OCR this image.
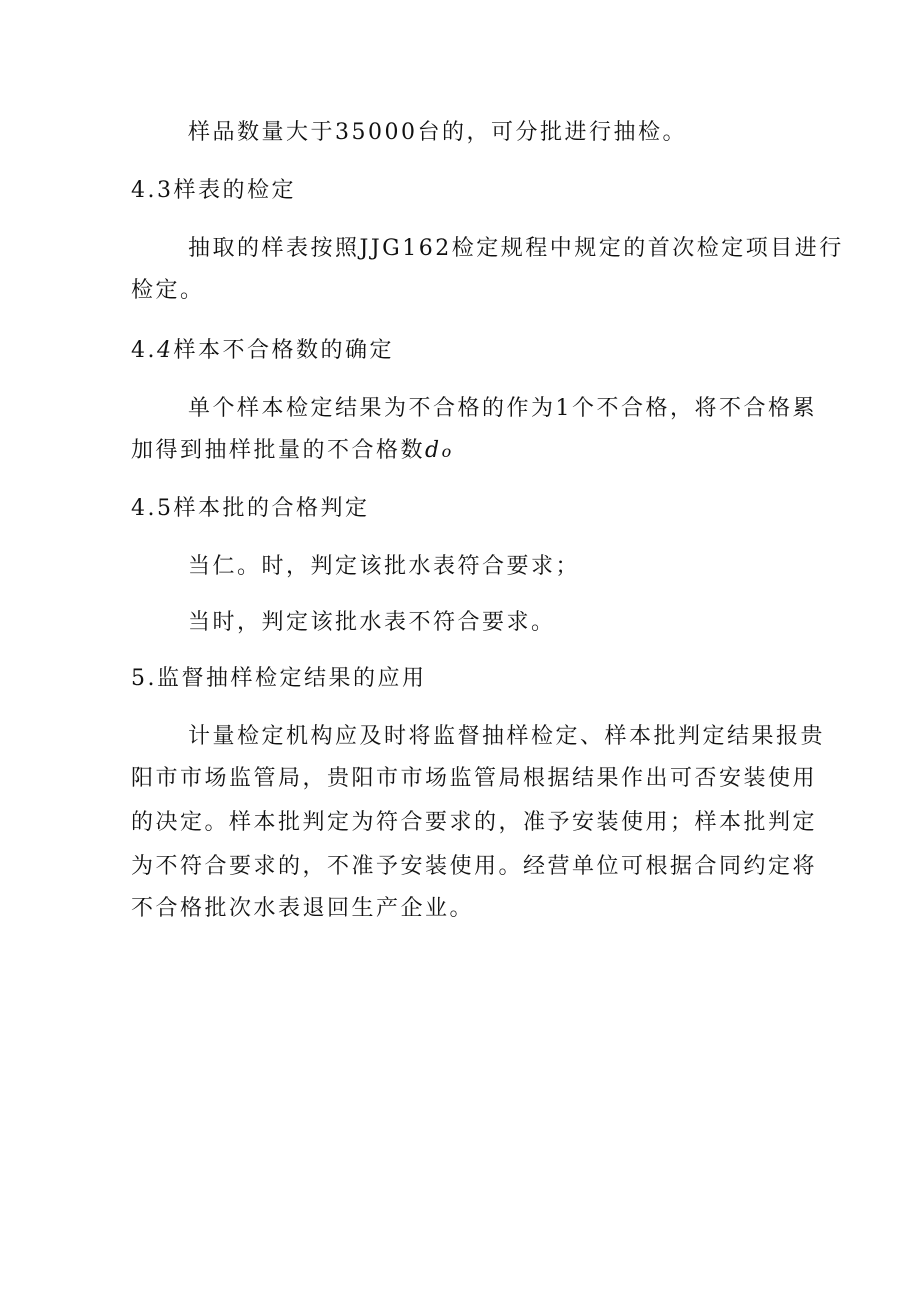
样品数量大于35000台的，可分批进行抽检。
4.3样表的检定
抽取的样表按照JJG162检定规程中规定的首次检定项目进行
检定。
4.4样本不合格数的确定
单个样本检定结果为不合格的作为1个不合格，将不合格累
加得到抽样批量的不合格数do
4.5样本批的合格判定
当仁。时，判定该批水表符合要求；
当时，判定该批水表不符合要求。
5.监督抽样检定结果的应用
计量检定机构应及时将监督抽样检定、样本批判定结果报贵
阳市市场监管局，贵阳市市场监管局根据结果作出可否安装使用
的决定。样本批判定为符合要求的，准予安装使用；样本批判定
为不符合要求的，不准予安装使用。经营单位可根据合同约定将
不合格批次水表退回生产企业。
